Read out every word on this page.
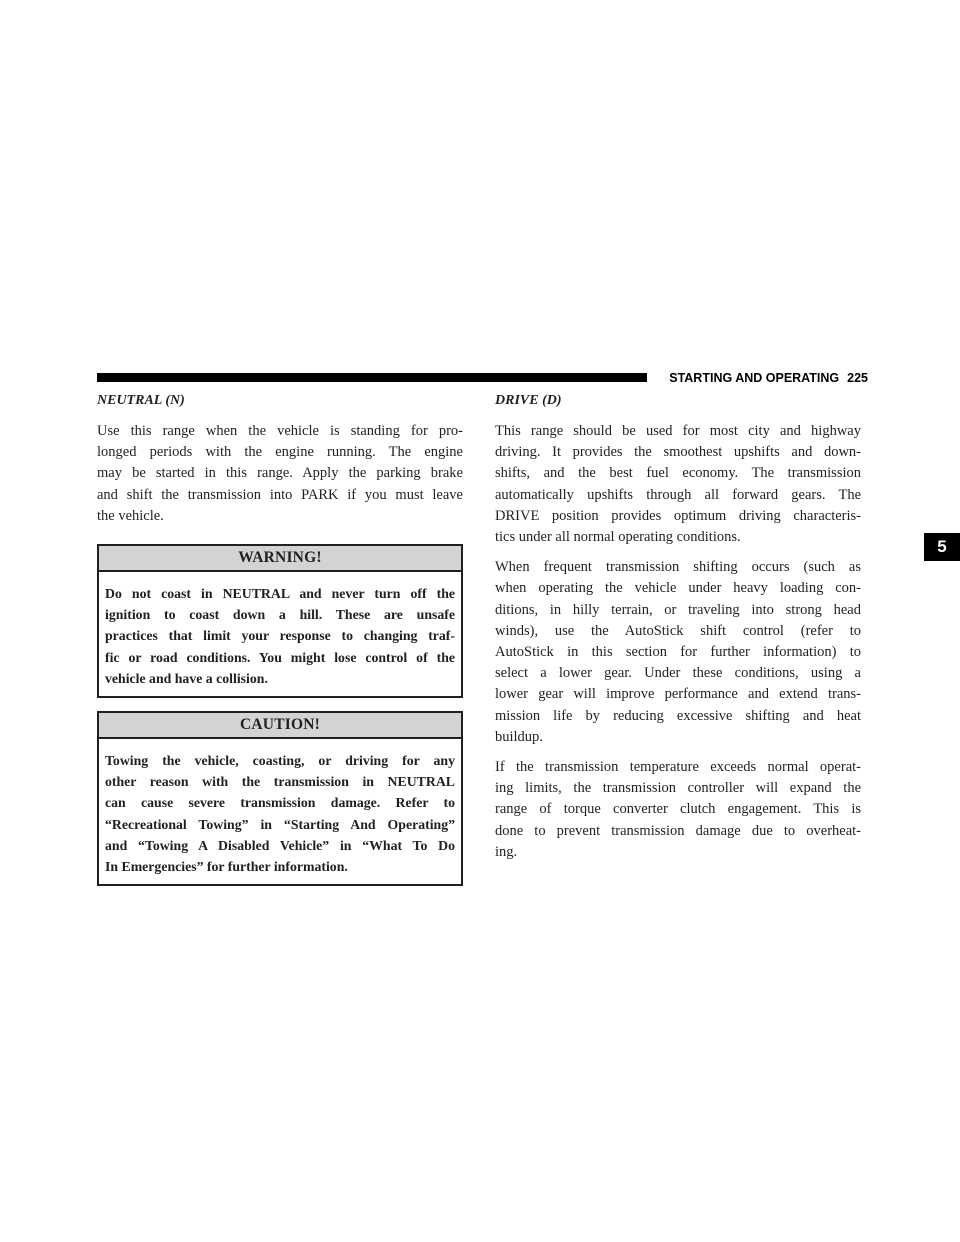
STARTING AND OPERATING 225
5
NEUTRAL (N)
Use this range when the vehicle is standing for pro-
longed periods with the engine running. The engine
may be started in this range. Apply the parking brake
and shift the transmission into PARK if you must leave
the vehicle.
WARNING!
Do not coast in NEUTRAL and never turn off the
ignition to coast down a hill. These are unsafe
practices that limit your response to changing traf-
fic or road conditions. You might lose control of the
vehicle and have a collision.
CAUTION!
Towing the vehicle, coasting, or driving for any
other reason with the transmission in NEUTRAL
can cause severe transmission damage. Refer to
“Recreational Towing” in “Starting And Operating”
and “Towing A Disabled Vehicle” in “What To Do
In Emergencies” for further information.
DRIVE (D)
This range should be used for most city and highway
driving. It provides the smoothest upshifts and down-
shifts, and the best fuel economy. The transmission
automatically upshifts through all forward gears. The
DRIVE position provides optimum driving characteris-
tics under all normal operating conditions.
When frequent transmission shifting occurs (such as
when operating the vehicle under heavy loading con-
ditions, in hilly terrain, or traveling into strong head
winds), use the AutoStick shift control (refer to
AutoStick in this section for further information) to
select a lower gear. Under these conditions, using a
lower gear will improve performance and extend trans-
mission life by reducing excessive shifting and heat
buildup.
If the transmission temperature exceeds normal operat-
ing limits, the transmission controller will expand the
range of torque converter clutch engagement. This is
done to prevent transmission damage due to overheat-
ing.
